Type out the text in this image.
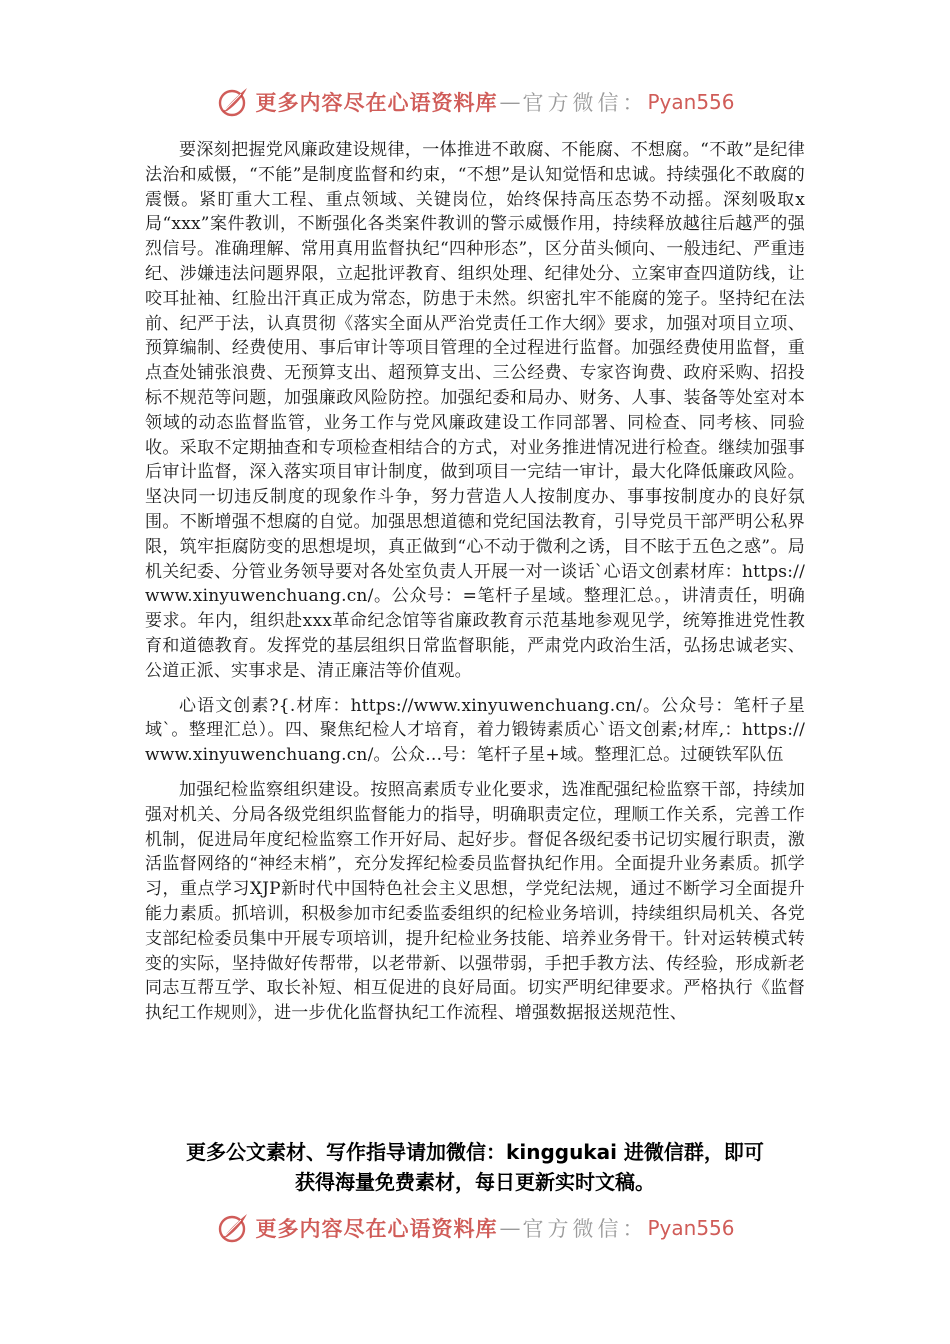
更多内容尽在心语资料库 — 官方微信： Pyan556

要深刻把握党风廉政建设规律，一体推进不敢腐、不能腐、不想腐。“不敢”是纪律法治和威慑，“不能”是制度监督和约束，“不想”是认知觉悟和忠诚。持续强化不敢腐的震慑。紧盯重大工程、重点领域、关键岗位，始终保持高压态势不动摇。深刻吸取x局“xxx”案件教训，不断强化各类案件教训的警示威慑作用，持续释放越往后越严的强烈信号。准确理解、常用真用监督执纪“四种形态”，区分苗头倾向、一般违纪、严重违纪、涉嫌违法问题界限，立起批评教育、组织处理、纪律处分、立案审查四道防线，让咬耳扯袖、红脸出汗真正成为常态，防患于未然。织密扎牢不能腐的笼子。坚持纪在法前、纪严于法，认真贯彻《落实全面从严治党责任工作大纲》要求，加强对项目立项、预算编制、经费使用、事后审计等项目管理的全过程进行监督。加强经费使用监督，重点查处铺张浪费、无预算支出、超预算支出、三公经费、专家咨询费、政府采购、招投标不规范等问题，加强廉政风险防控。加强纪委和局办、财务、人事、装备等处室对本领域的动态监督监管，业务工作与党风廉政建设工作同部署、同检查、同考核、同验收。采取不定期抽查和专项检查相结合的方式，对业务推进情况进行检查。继续加强事后审计监督，深入落实项目审计制度，做到项目一完结一审计，最大化降低廉政风险。坚决同一切违反制度的现象作斗争，努力营造人人按制度办、事事按制度办的良好氛围。不断增强不想腐的自觉。加强思想道德和党纪国法教育，引导党员干部严明公私界限，筑牢拒腐防变的思想堤坝，真正做到“心不动于微利之诱，目不眩于五色之惑”。局机关纪委、分管业务领导要对各处室负责人开展一对一谈话`心语文创素材库：https://www.xinyuwenchuang.cn/。公众号：=笔杆子星域。整理汇总。，讲清责任，明确要求。年内，组织赴xxx革命纪念馆等省廉政教育示范基地参观见学，统筹推进党性教育和道德教育。发挥党的基层组织日常监督职能，严肃党内政治生活，弘扬忠诚老实、公道正派、实事求是、清正廉洁等价值观。

心语文创素?{.材库：https://www.xinyuwenchuang.cn/。公众号：笔杆子星域`。整理汇总）。四、聚焦纪检人才培育，着力锻铸素质心`语文创素;材库,：https://www.xinyuwenchuang.cn/。公众…号：笔杆子星+域。整理汇总。过硬铁军队伍

加强纪检监察组织建设。按照高素质专业化要求，选准配强纪检监察干部，持续加强对机关、分局各级党组织监督能力的指导，明确职责定位，理顺工作关系，完善工作机制，促进局年度纪检监察工作开好局、起好步。督促各级纪委书记切实履行职责，激活监督网络的“神经末梢”，充分发挥纪检委员监督执纪作用。全面提升业务素质。抓学习，重点学习XJP新时代中国特色社会主义思想，学党纪法规，通过不断学习全面提升能力素质。抓培训，积极参加市纪委监委组织的纪检业务培训，持续组织局机关、各党支部纪检委员集中开展专项培训，提升纪检业务技能、培养业务骨干。针对运转模式转变的实际，坚持做好传帮带，以老带新、以强带弱，手把手教方法、传经验，形成新老同志互帮互学、取长补短、相互促进的良好局面。切实严明纪律要求。严格执行《监督执纪工作规则》，进一步优化监督执纪工作流程、增强数据报送规范性、

更多公文素材、写作指导请加微信：kinggukai 进微信群，即可
获得海量免费素材，每日更新实时文稿。
更多内容尽在心语资料库 — 官方微信： Pyan556
